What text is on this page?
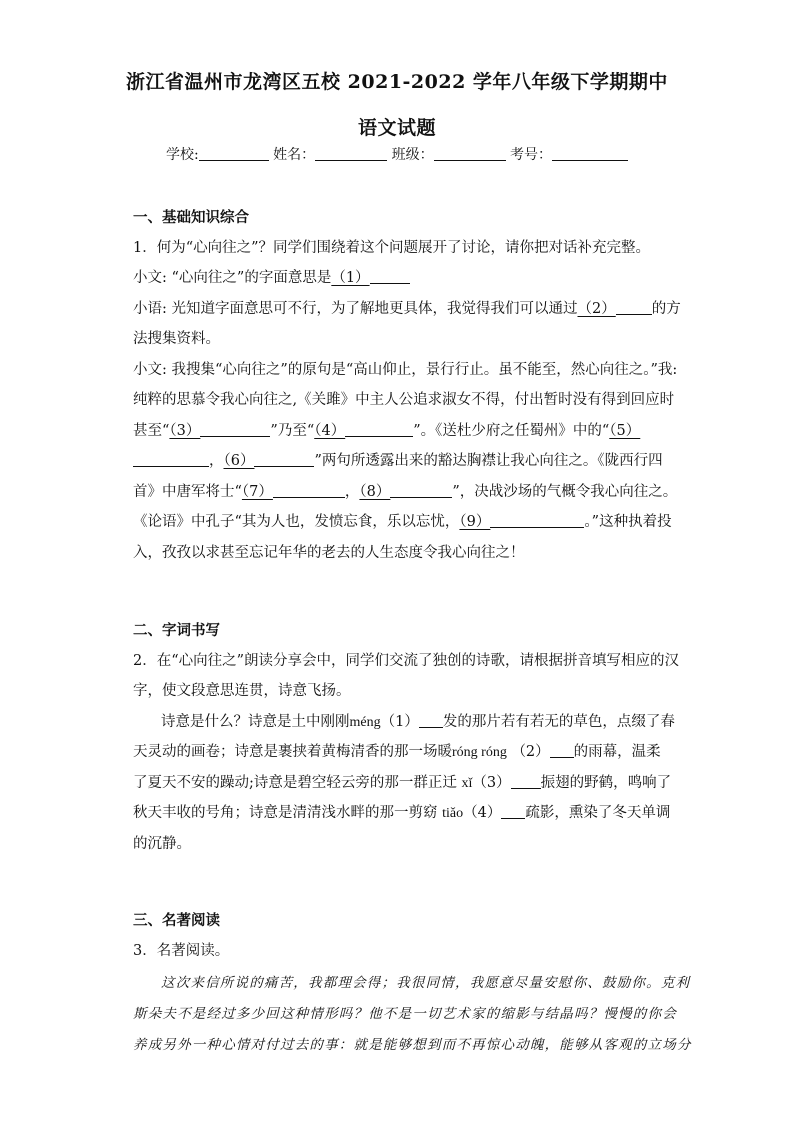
浙江省温州市龙湾区五校 2021-2022 学年八年级下学期期中
语文试题
学校:	姓名：	班级：	考号：
一、基础知识综合
1．何为“心向往之”？同学们围绕着这个问题展开了讨论，请你把对话补充完整。
小文: “心向往之”的字面意思是（1）
小语: 光知道字面意思可不行，为了解地更具体，我觉得我们可以通过（2） 的方
法搜集资料。
小文: 我搜集“心向往之”的原句是“高山仰止，景行行止。虽不能至，然心向往之。”我:
纯粹的思慕令我心向往之,《关雎》中主人公追求淑女不得，付出暂时没有得到回应时
甚至“（3）	”乃至“（4）	”。《送杜少府之任蜀州》中的“（5）
，（6）	”两句所透露出来的豁达胸襟让我心向往之。《陇西行四
首》中唐军将士“（7）	，（8）	”，决战沙场的气概令我心向往之。
《论语》中孔子“其为人也，发愤忘食，乐以忘忧，（9）	。”这种执着投
入，孜孜以求甚至忘记年华的老去的人生态度令我心向往之！
二、字词书写
2．在“心向往之”朗读分享会中，同学们交流了独创的诗歌，请根据拼音填写相应的汉
字，使文段意思连贯，诗意飞扬。
诗意是什么？诗意是土中刚刚méng（1） 发的那片若有若无的草色，点缀了春
天灵动的画卷；诗意是裹挟着黄梅清香的那一场暖róng róng （2） 的雨幕，温柔
了夏天不安的躁动;诗意是碧空轻云旁的那一群正迁 xǐ（3） 振翅的野鹤，鸣响了
秋天丰收的号角；诗意是清清浅水畔的那一剪窈 tiǎo（4） 疏影，熏染了冬天单调
的沉静。
三、名著阅读
3．名著阅读。
这次来信所说的痛苦，我都理会得；我很同情，我愿意尽量安慰你、鼓励你。克利
斯朵夫不是经过多少回这种情形吗？他不是一切艺术家的缩影与结晶吗？慢慢的你会
养成另外一种心情对付过去的事：就是能够想到而不再惊心动魄，能够从客观的立场分
